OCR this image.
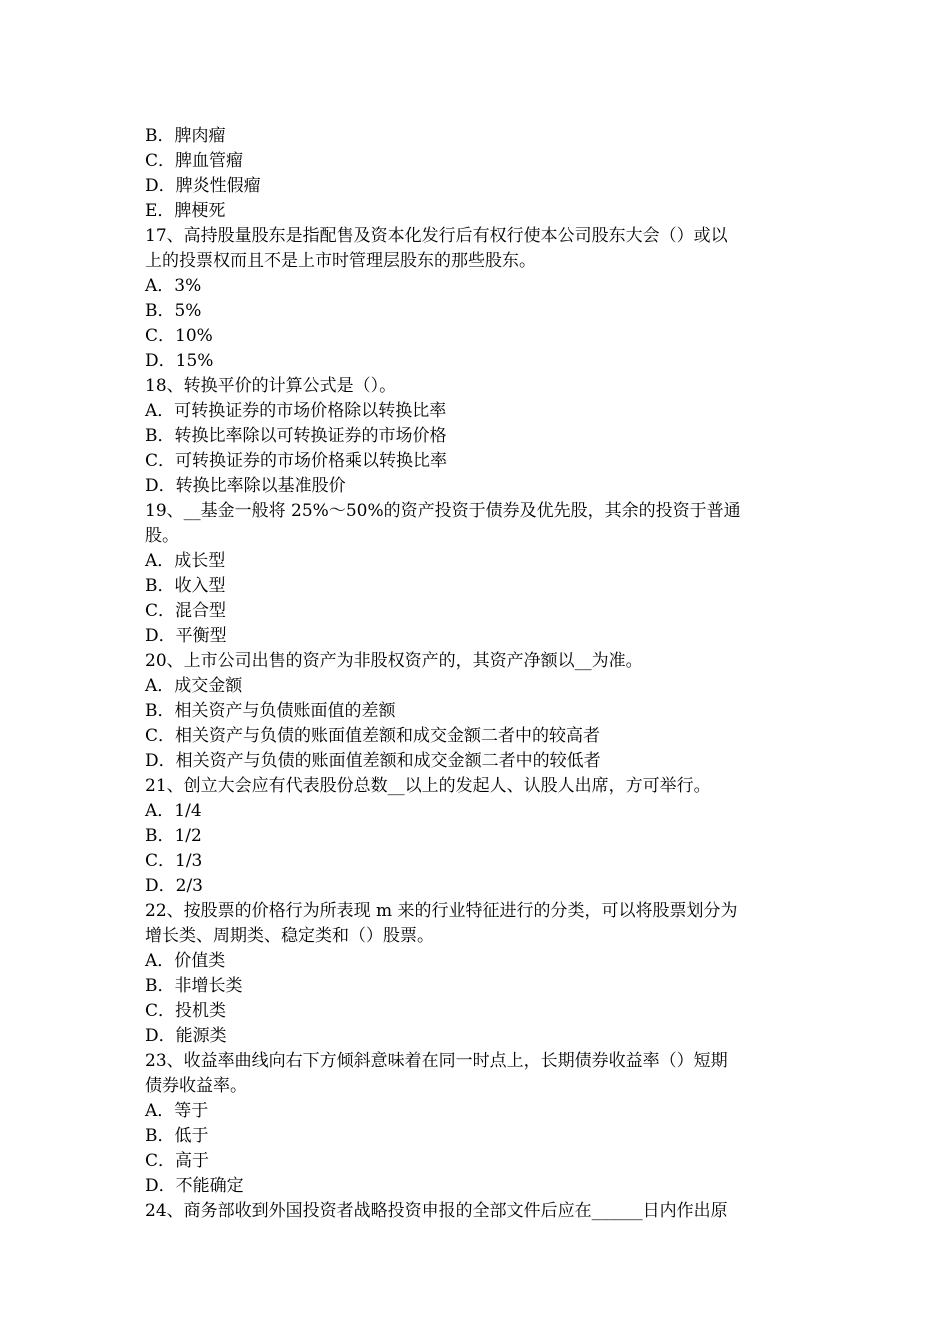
B．脾肉瘤
C．脾血管瘤
D．脾炎性假瘤
E．脾梗死
17、高持股量股东是指配售及资本化发行后有权行使本公司股东大会（）或以
上的投票权而且不是上市时管理层股东的那些股东。
A．3%
B．5%
C．10%
D．15%
18、转换平价的计算公式是（）。
A．可转换证券的市场价格除以转换比率
B．转换比率除以可转换证券的市场价格
C．可转换证券的市场价格乘以转换比率
D．转换比率除以基准股价
19、__基金一般将 25%～50%的资产投资于债券及优先股，其余的投资于普通
股。
A．成长型
B．收入型
C．混合型
D．平衡型
20、上市公司出售的资产为非股权资产的，其资产净额以__为准。
A．成交金额
B．相关资产与负债账面值的差额
C．相关资产与负债的账面值差额和成交金额二者中的较高者
D．相关资产与负债的账面值差额和成交金额二者中的较低者
21、创立大会应有代表股份总数__以上的发起人、认股人出席，方可举行。
A．1/4
B．1/2
C．1/3
D．2/3
22、按股票的价格行为所表现 m 来的行业特征进行的分类，可以将股票划分为
增长类、周期类、稳定类和（）股票。
A．价值类
B．非增长类
C．投机类
D．能源类
23、收益率曲线向右下方倾斜意味着在同一时点上，长期债券收益率（）短期
债券收益率。
A．等于
B．低于
C．高于
D．不能确定
24、商务部收到外国投资者战略投资申报的全部文件后应在______日内作出原
